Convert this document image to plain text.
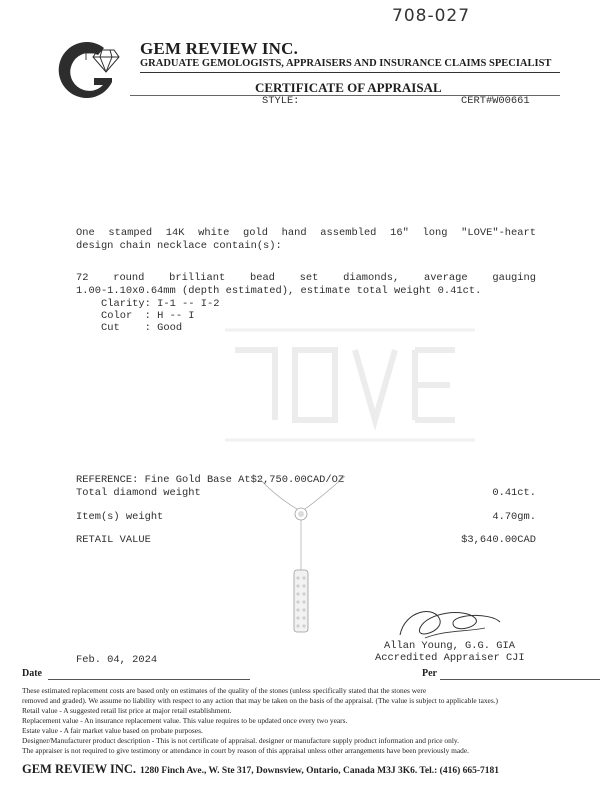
708-027
GEM REVIEW INC.
GRADUATE GEMOLOGISTS, APPRAISERS AND INSURANCE CLAIMS SPECIALIST
CERTIFICATE OF APPRAISAL
STYLE:	CERT#W00661
One stamped 14K white gold hand assembled 16" long "LOVE"-heart
design chain necklace contain(s):
72 round brilliant bead set diamonds, average gauging
1.00-1.10x0.64mm (depth estimated), estimate total weight 0.41ct.
Clarity: I-1 -- I-2
Color  : H -- I
Cut    : Good
REFERENCE: Fine Gold Base At$2,750.00CAD/OZ
Total diamond weight	0.41ct.
Item(s) weight	4.70gm.
RETAIL VALUE	$3,640.00CAD
Allan Young, G.G. GIA
Accredited Appraiser CJI
Feb. 04, 2024
Date	Per
These estimated replacement costs are based only on estimates of the quality of the stones (unless specifically stated that the stones were
removed and graded). We assume no liability with respect to any action that may be taken on the basis of the appraisal. (The value is subject to applicable taxes.)
Retail value - A suggested retail list price at major retail establishment.
Replacement value - An insurance replacement value. This value requires to be updated once every two years.
Estate value - A fair market value based on probate purposes.
Designer/Manufacturer product description - This is not certificate of appraisal. designer or manufacture supply product information and price only.
The appraiser is not required to give testimony or attendance in court by reason of this appraisal unless other arrangements have been previously made.
GEM REVIEW INC. 1280 Finch Ave., W. Ste 317, Downsview, Ontario, Canada M3J 3K6. Tel.: (416) 665-7181
